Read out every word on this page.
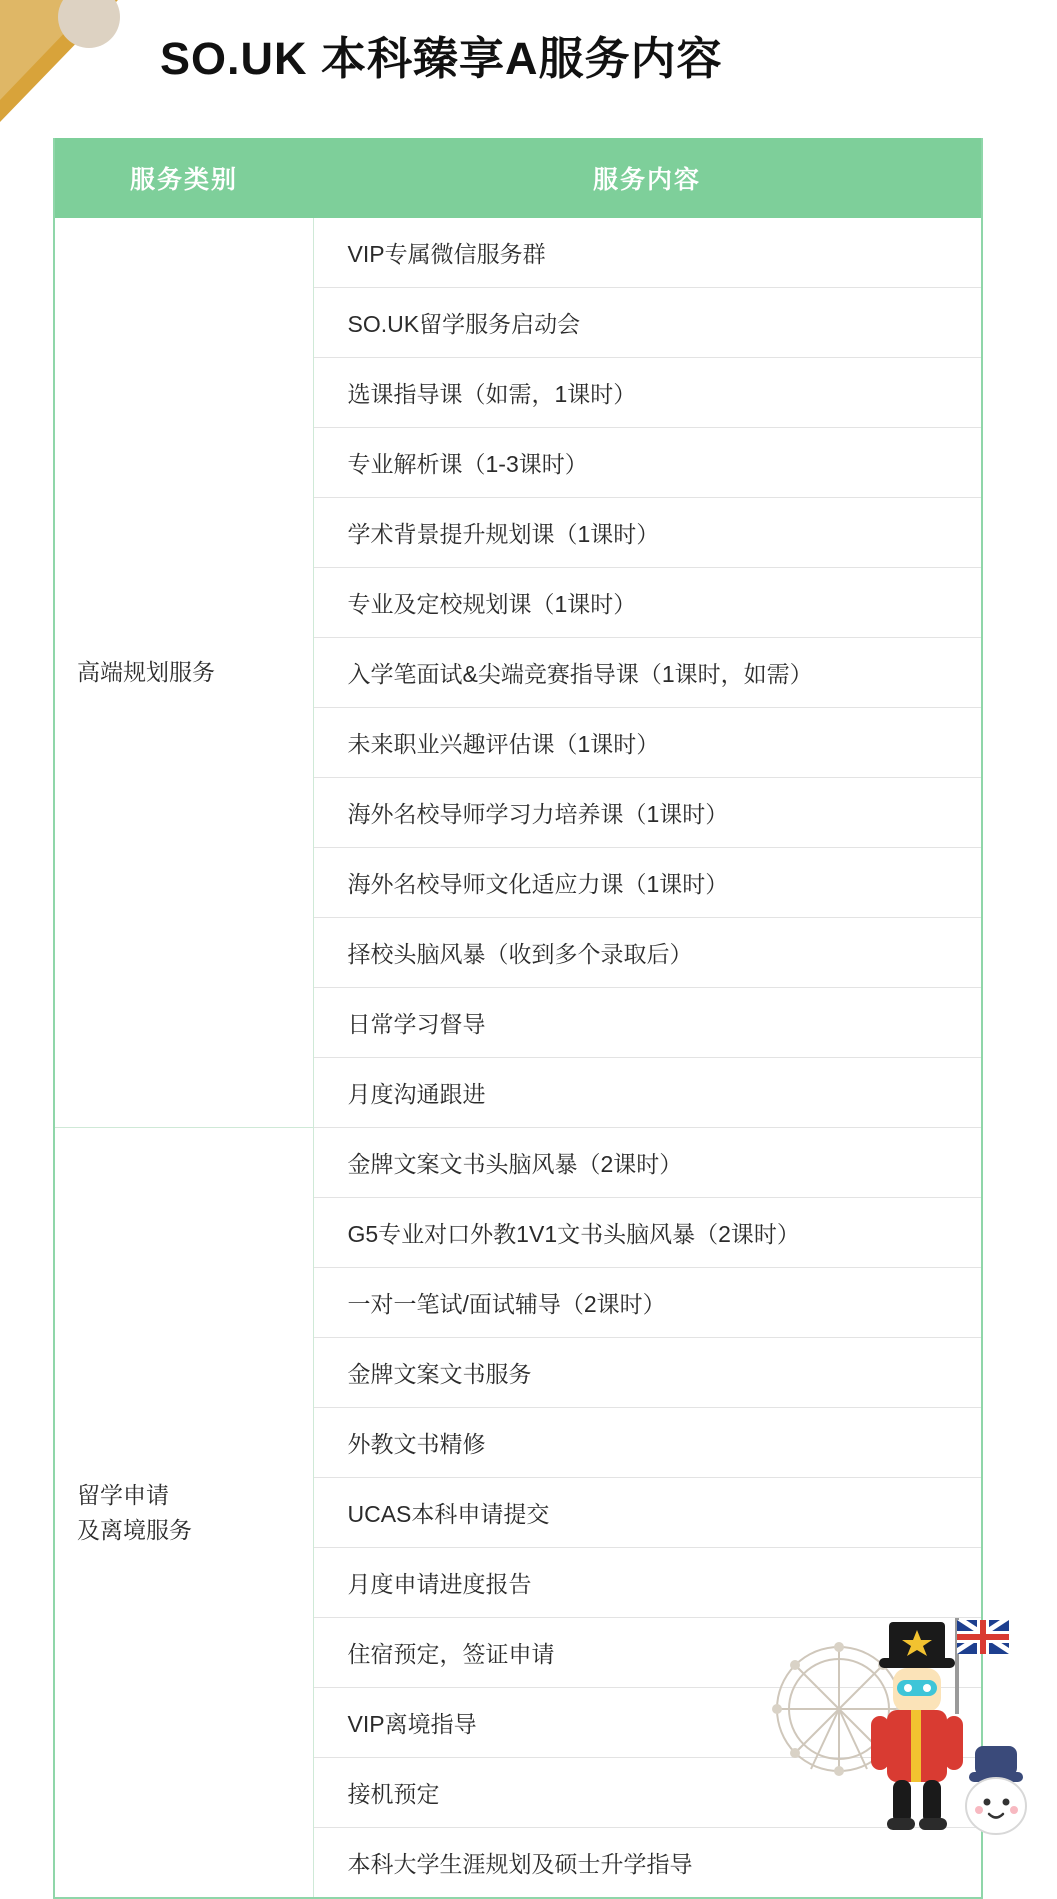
SO.UK 本科臻享A服务内容
服务类别	服务内容
高端规划服务	VIP专属微信服务群
	SO.UK留学服务启动会
	选课指导课（如需，1课时）
	专业解析课（1-3课时）
	学术背景提升规划课（1课时）
	专业及定校规划课（1课时）
	入学笔面试&尖端竞赛指导课（1课时，如需）
	未来职业兴趣评估课（1课时）
	海外名校导师学习力培养课（1课时）
	海外名校导师文化适应力课（1课时）
	择校头脑风暴（收到多个录取后）
	日常学习督导
	月度沟通跟进
留学申请
及离境服务	金牌文案文书头脑风暴（2课时）
	G5专业对口外教1V1文书头脑风暴（2课时）
	一对一笔试/面试辅导（2课时）
	金牌文案文书服务
	外教文书精修
	UCAS本科申请提交
	月度申请进度报告
	住宿预定，签证申请
	VIP离境指导
	接机预定
	本科大学生涯规划及硕士升学指导
